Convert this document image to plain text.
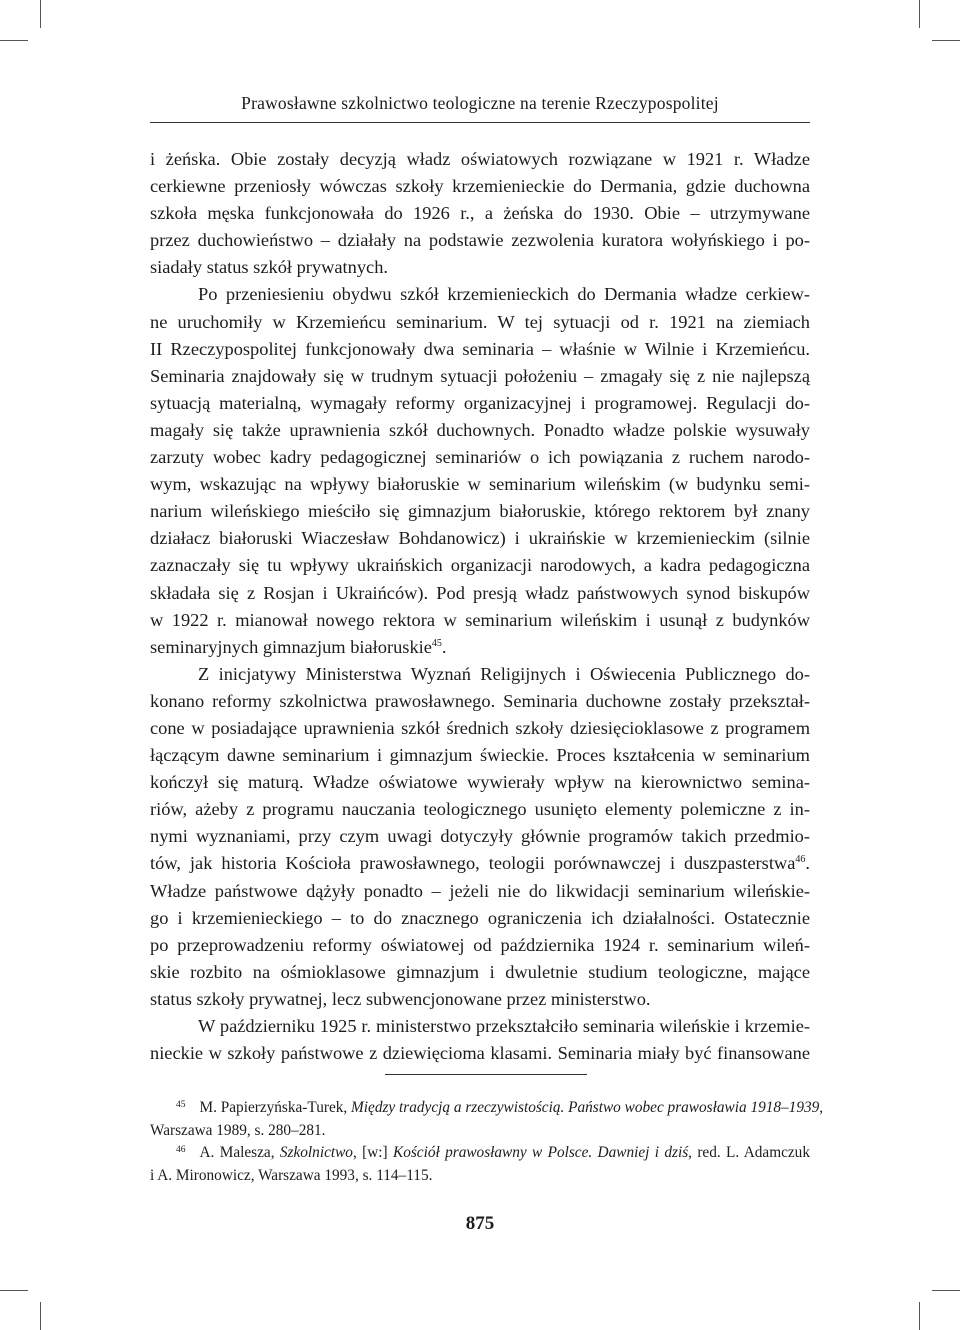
Prawosławne szkolnictwo teologiczne na terenie Rzeczypospolitej
i żeńska. Obie zostały decyzją władz oświatowych rozwiązane w 1921 r. Władze
cerkiewne przeniosły wówczas szkoły krzemienieckie do Dermania, gdzie duchowna
szkoła męska funkcjonowała do 1926 r., a żeńska do 1930. Obie – utrzymywane
przez duchowieństwo – działały na podstawie zezwolenia kuratora wołyńskiego i po-
siadały status szkół prywatnych.
Po przeniesieniu obydwu szkół krzemienieckich do Dermania władze cerkiew-
ne uruchomiły w Krzemieńcu seminarium. W tej sytuacji od r. 1921 na ziemiach
II Rzeczypospolitej funkcjonowały dwa seminaria – właśnie w Wilnie i Krzemieńcu.
Seminaria znajdowały się w trudnym sytuacji położeniu – zmagały się z nie najlepszą
sytuacją materialną, wymagały reformy organizacyjnej i programowej. Regulacji do-
magały się także uprawnienia szkół duchownych. Ponadto władze polskie wysuwały
zarzuty wobec kadry pedagogicznej seminariów o ich powiązania z ruchem narodo-
wym, wskazując na wpływy białoruskie w seminarium wileńskim (w budynku semi-
narium wileńskiego mieściło się gimnazjum białoruskie, którego rektorem był znany
działacz białoruski Wiaczesław Bohdanowicz) i ukraińskie w krzemienieckim (silnie
zaznaczały się tu wpływy ukraińskich organizacji narodowych, a kadra pedagogiczna
składała się z Rosjan i Ukraińców). Pod presją władz państwowych synod biskupów
w 1922 r. mianował nowego rektora w seminarium wileńskim i usunął z budynków
seminaryjnych gimnazjum białoruskie$^{45}$.
Z inicjatywy Ministerstwa Wyznań Religijnych i Oświecenia Publicznego do-
konano reformy szkolnictwa prawosławnego. Seminaria duchowne zostały przekształ-
cone w posiadające uprawnienia szkół średnich szkoły dziesięcioklasowe z programem
łączącym dawne seminarium i gimnazjum świeckie. Proces kształcenia w seminarium
kończył się maturą. Władze oświatowe wywierały wpływ na kierownictwo semina-
riów, ażeby z programu nauczania teologicznego usunięto elementy polemiczne z in-
nymi wyznaniami, przy czym uwagi dotyczyły głównie programów takich przedmio-
tów, jak historia Kościoła prawosławnego, teologii porównawczej i duszpasterstwa$^{46}$.
Władze państwowe dążyły ponadto – jeżeli nie do likwidacji seminarium wileńskie-
go i krzemienieckiego – to do znacznego ograniczenia ich działalności. Ostatecznie
po przeprowadzeniu reformy oświatowej od października 1924 r. seminarium wileń-
skie rozbito na ośmioklasowe gimnazjum i dwuletnie studium teologiczne, mające
status szkoły prywatnej, lecz subwencjonowane przez ministerstwo.
W październiku 1925 r. ministerstwo przekształciło seminaria wileńskie i krzemie-
nieckie w szkoły państwowe z dziewięcioma klasami. Seminaria miały być finansowane
$^{45}$ M. Papierzyńska-Turek, Między tradycją a rzeczywistością. Państwo wobec prawosławia 1918–1939,
Warszawa 1989, s. 280–281.
$^{46}$ A. Malesza, Szkolnictwo, [w:] Kościół prawosławny w Polsce. Dawniej i dziś, red. L. Adamczuk
i A. Mironowicz, Warszawa 1993, s. 114–115.
875
